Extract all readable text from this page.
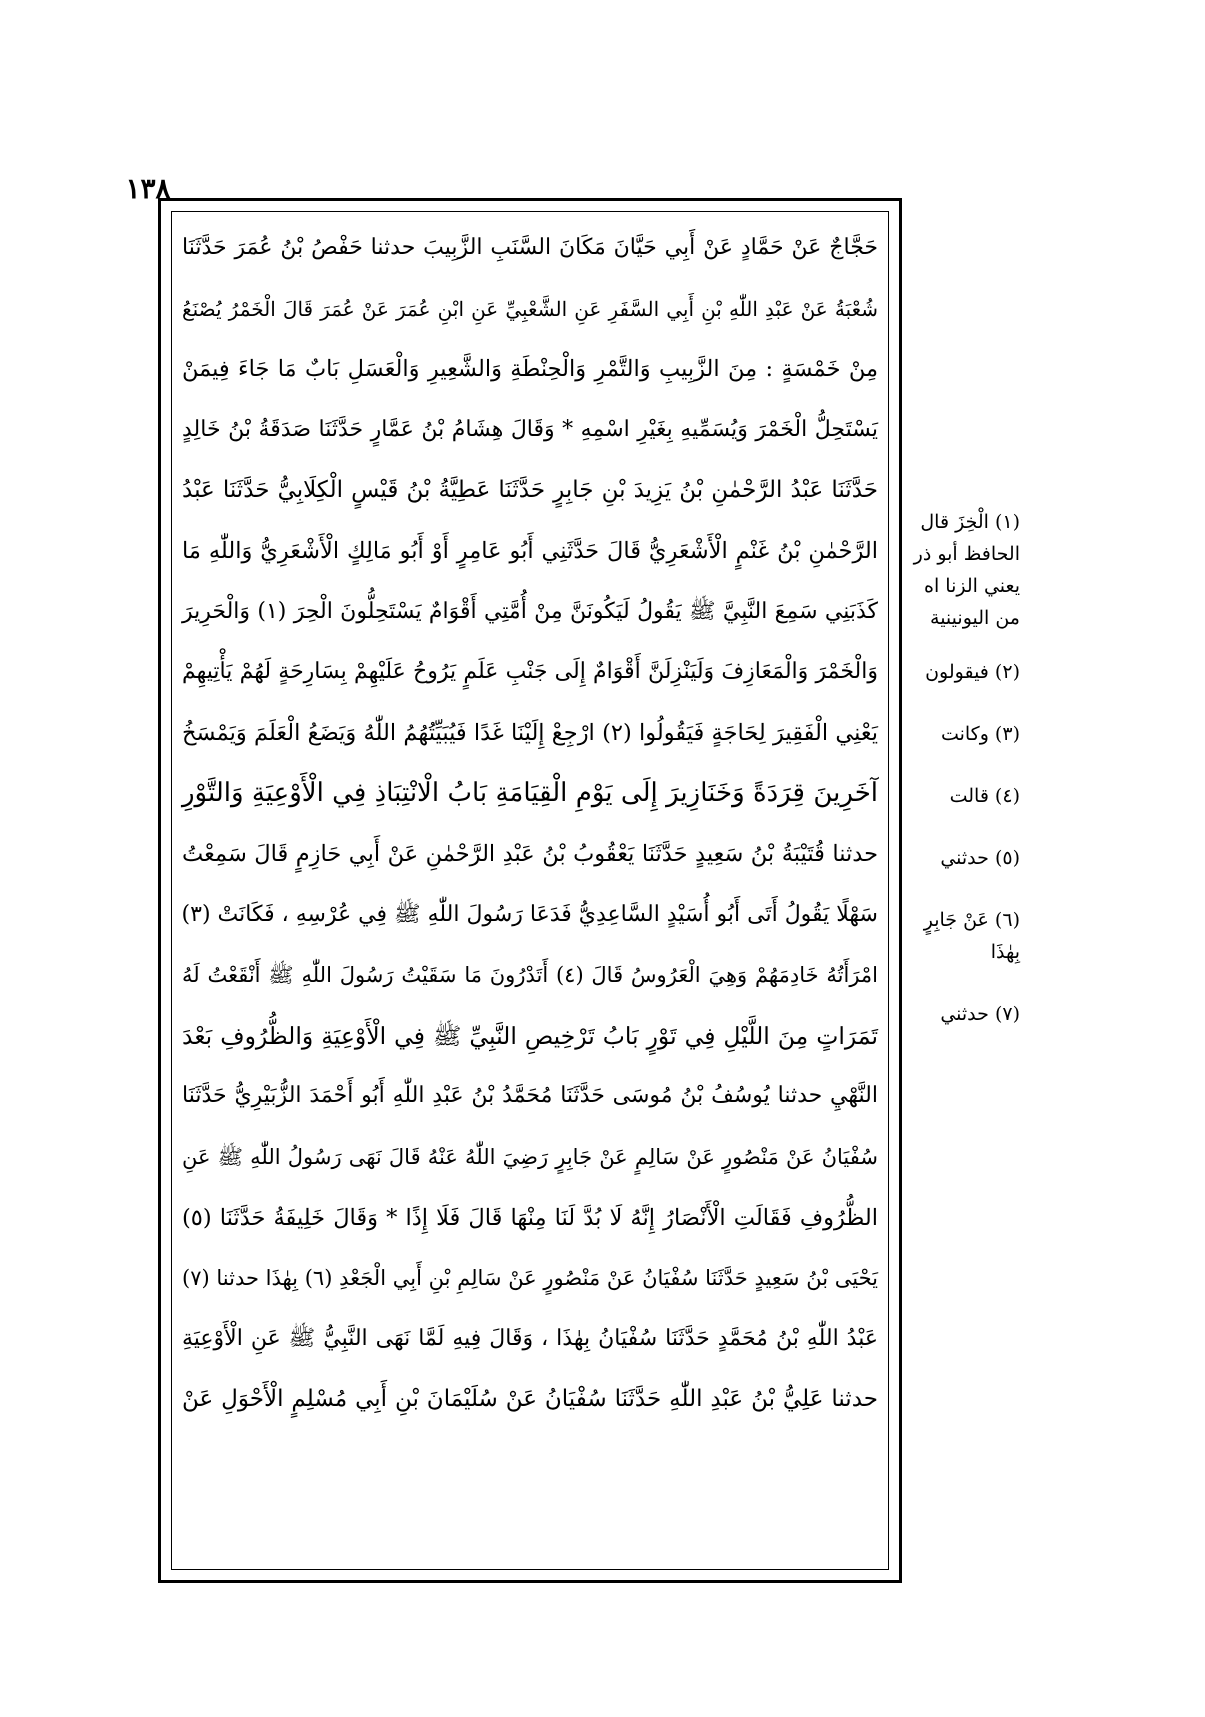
١٣٨
حَجَّاجٌ عَنْ حَمَّادٍ عَنْ أَبِي حَيَّانَ مَكَانَ السَّنَبِ الزَّبِيبَ حدثنا حَفْصُ بْنُ عُمَرَ حَدَّثَنَا
شُعْبَةُ عَنْ عَبْدِ اللّٰهِ بْنِ أَبِي السَّفَرِ عَنِ الشَّعْبِيِّ عَنِ ابْنِ عُمَرَ عَنْ عُمَرَ قَالَ الْخَمْرُ يُصْنَعُ
مِنْ خَمْسَةٍ : مِنَ الزَّبِيبِ وَالتَّمْرِ وَالْحِنْطَةِ وَالشَّعِيرِ وَالْعَسَلِ بَابٌ مَا جَاءَ فِيمَنْ
يَسْتَحِلُّ الْخَمْرَ وَيُسَمِّيهِ بِغَيْرِ اسْمِهِ * وَقَالَ هِشَامُ بْنُ عَمَّارٍ حَدَّثَنَا صَدَقَةُ بْنُ خَالِدٍ
حَدَّثَنَا عَبْدُ الرَّحْمٰنِ بْنُ يَزِيدَ بْنِ جَابِرٍ حَدَّثَنَا عَطِيَّةُ بْنُ قَيْسٍ الْكِلَابِيُّ حَدَّثَنَا عَبْدُ
الرَّحْمٰنِ بْنُ غَنْمٍ الْأَشْعَرِيُّ قَالَ حَدَّثَنِي أَبُو عَامِرٍ أَوْ أَبُو مَالِكٍ الْأَشْعَرِيُّ وَاللّٰهِ مَا
كَذَبَنِي سَمِعَ النَّبِيَّ ﷺ يَقُولُ لَيَكُونَنَّ مِنْ أُمَّتِي أَقْوَامٌ يَسْتَحِلُّونَ الْحِرَ (١) وَالْحَرِيرَ
وَالْخَمْرَ وَالْمَعَازِفَ وَلَيَنْزِلَنَّ أَقْوَامٌ إِلَى جَنْبِ عَلَمٍ يَرُوحُ عَلَيْهِمْ بِسَارِحَةٍ لَهُمْ يَأْتِيهِمْ
يَعْنِي الْفَقِيرَ لِحَاجَةٍ فَيَقُولُوا (٢) ارْجِعْ إِلَيْنَا غَدًا فَيُبَيِّتُهُمُ اللّٰهُ وَيَضَعُ الْعَلَمَ وَيَمْسَخُ
آخَرِينَ قِرَدَةً وَخَنَازِيرَ إِلَى يَوْمِ الْقِيَامَةِ بَابُ الْانْتِبَاذِ فِي الْأَوْعِيَةِ وَالتَّوْرِ
حدثنا قُتَيْبَةُ بْنُ سَعِيدٍ حَدَّثَنَا يَعْقُوبُ بْنُ عَبْدِ الرَّحْمٰنِ عَنْ أَبِي حَازِمٍ قَالَ سَمِعْتُ
سَهْلًا يَقُولُ أَتَى أَبُو أُسَيْدٍ السَّاعِدِيُّ فَدَعَا رَسُولَ اللّٰهِ ﷺ فِي عُرْسِهِ ، فَكَانَتْ (٣)
امْرَأَتُهُ خَادِمَهُمْ وَهِيَ الْعَرُوسُ قَالَ (٤) أَتَدْرُونَ مَا سَقَيْتُ رَسُولَ اللّٰهِ ﷺ أَنْقَعْتُ لَهُ
تَمَرَاتٍ مِنَ اللَّيْلِ فِي تَوْرٍ بَابُ تَرْخِيصِ النَّبِيِّ ﷺ فِي الْأَوْعِيَةِ وَالظُّرُوفِ بَعْدَ
النَّهْيِ حدثنا يُوسُفُ بْنُ مُوسَى حَدَّثَنَا مُحَمَّدُ بْنُ عَبْدِ اللّٰهِ أَبُو أَحْمَدَ الزُّبَيْرِيُّ حَدَّثَنَا
سُفْيَانُ عَنْ مَنْصُورٍ عَنْ سَالِمٍ عَنْ جَابِرٍ رَضِيَ اللّٰهُ عَنْهُ قَالَ نَهَى رَسُولُ اللّٰهِ ﷺ عَنِ
الظُّرُوفِ فَقَالَتِ الْأَنْصَارُ إِنَّهُ لَا بُدَّ لَنَا مِنْهَا قَالَ فَلَا إِذًا * وَقَالَ خَلِيفَةُ حَدَّثَنَا (٥)
يَحْيَى بْنُ سَعِيدٍ حَدَّثَنَا سُفْيَانُ عَنْ مَنْصُورٍ عَنْ سَالِمِ بْنِ أَبِي الْجَعْدِ (٦) بِهٰذَا حدثنا (٧)
عَبْدُ اللّٰهِ بْنُ مُحَمَّدٍ حَدَّثَنَا سُفْيَانُ بِهٰذَا ، وَقَالَ فِيهِ لَمَّا نَهَى النَّبِيُّ ﷺ عَنِ الْأَوْعِيَةِ
حدثنا عَلِيُّ بْنُ عَبْدِ اللّٰهِ حَدَّثَنَا سُفْيَانُ عَنْ سُلَيْمَانَ بْنِ أَبِي مُسْلِمٍ الْأَحْوَلِ عَنْ
(١) الْخِزَ قال الحافظ أبو ذر يعني الزنا اه من اليونينية
(٢) فيقولون
(٣) وكانت
(٤) قالت
(٥) حدثني
(٦) عَنْ جَابِرٍ بِهٰذَا
(٧) حدثني
